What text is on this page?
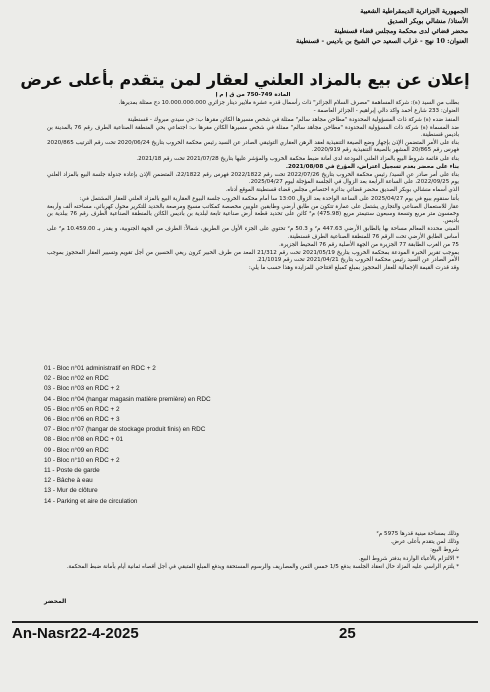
الجمهورية الجزائرية الديمقراطية الشعبية
الأستاذ/ منشالي بوبكر الصديق
محضر قضائي لدى محكمة ومجلس قضاء قسنطينة
العنوان: 10 نهج - غراب السعيد حي الشيخ بن باديس - قسنطينة
إعلان عن بيع بالمزاد العلني لعقار لمن يتقدم بأعلى عرض

المادة 749-750 من ق إ م إ

بطلب من السيد (ة): شركة المساهمة "مصرف السلام الجزائر" ذات رأسمال قدره عشرة ملايير دينار جزائري 10.000.000.000 دج ممثلة بمديرها.

العنوان: 233 شارع أحمد واكد دالي إبراهيم - الجزائر العاصمة -

المنفذ ضده (ة) شركة ذات المسؤولية المحدودة "مطاحن مجاهد سالم" ممثلة في شخص مسيرها الكائن مقرها ب: حي سيدي مبروك - قسنطينة

ضد المسماة (ة) شركة ذات المسؤولية المحدودة "مطاحن مجاهد سالم" ممثلة في شخص مسيرها الكائن مقرها ب: اجتماعي بحي المنطقة الصناعية الطرف رقم 76 بالمدينة بن باديس قسنطينة.

بناء على الأمر المتضمن الإذن بإجهاز وضع الصيغة التنفيذية لعقد الرهن العقاري التوثيقي الصادر عن السيد رئيس محكمة الخروب بتاريخ 2020/06/24 تحت رقم الترتيب 2020/865 فهرس رقم 20/865 المشهر بالصيغة التنفيذية رقم 2020/919.

بناء على قائمة شروط البيع بالمزاد العلني المودعة لدى أمانة ضبط محكمة الخروب والمؤشر عليها بتاريخ 2021/07/28 تحت رقم 2021/18.

بناء على محضر بعدم تسجيل اعتراض، المؤرخ في 2021/08/08.

بناء على أمر صادر عن السيد/ رئيس محكمة الخروب بتاريخ 2022/07/26 تحت رقم 2022/1822 فهرس رقم 22/1822، المتضمن الإذن بإعادة جدولة جلسة البيع بالمزاد العلني يوم 2022/09/25، على الساعة الرابعة بعد الزوال في الجلسة المؤجلة ليوم 2025/04/27.

الذي أسماه منشالي بوبكر الصديق محضر قضائي بدائرة اختصاص مجلس قضاء قسنطينة الموقع أدناه.

بأننا سنقوم ببيع في يوم 2025/04/27 على الساعة الواحدة بعد الزوال 13:00 سا أمام محكمة الخروب جلسة البيوع العقارية البيع بالمزاد العلني للعقار المشتمل في:

عقار للاستعمال الصناعي والتجاري يشتمل على عمارة تتكون من طابق أرضي وطابقين علويين مخصصة كمكاتب مسيج ومرصعة بالحديد للتكرير محول كهربائي، مساحته ألف وأربعة وخمسون متر مربع وتسعة وسبعون سنتيمتر مربع (475.98) م² كائن على تحديد قطعة أرض صناعية تابعة لبلدية بن باديس الكائن بالمنطقة الصناعية الطرف رقم 76 ببلدية بن باديس.

المبنى محددة المعالم مساحة بها بالطابق الأرضي 447.63 م² و 50.3 م² تحتوي على الجزء الأول من الطريق، شمالاً: الطرف من الجهة الجنوبية، و يقدر بـ 10.459.00 م² على أساس الطابق الأرضي تحت الرقم 76 للمنطقة الصناعية الطرف قسنطينة.

75 من الغرب الطابقة 77 الجزيرة من الجهة الأصلية رقم 76 المحيط الجزيرة.

بموجب تقرير الخبرة المودعة بمحكمة الخروب بتاريخ 2021/05/19 تحت رقم 21/312 المعد من طرف الخبير كرون ريغي الحسين من أجل تقويم وتسيير العقار المحجوز بموجب الأمر الصادر عن السيد رئيس محكمة الخروب بتاريخ 2021/04/21 تحت رقم 21/1019.

وقد قدرت القيمة الإجمالية للعقار المحجوز بمبلغ كمبلغ افتتاحي للمزايدة وهذا حسب ما يلي:

01 - Bloc n°01 administratif en RDC + 2
02 - Bloc n°02 en RDC
03 - Bloc n°03 en RDC + 2
04 - Bloc n°04 (hangar magasin matière première) en RDC
05 - Bloc n°05 en RDC + 2
06 - Bloc n°06 en RDC + 3
07 - Bloc n°07 (hangar de stockage produit finis) en RDC
08 - Bloc n°08 en RDC + 01
09 - Bloc n°09 en RDC
10 - Bloc n°10 en RDC + 2
11 - Poste de garde
12 - Bâche à eau
13 - Mur de clôture
14 - Parking et aire de circulation

وذلك بمساحة مبنية قدرها 5975 م²

وذلك لمن يتقدم بأعلى عرض.

شروط البيع:

* الالتزام بالأعباء الواردة بدفتر شروط البيع.

* يلتزم الراسي عليه المزاد حال انعقاد الجلسة بدفع 1/5 خمس الثمن والمصاريف والرسوم المستحقة ويدفع المبلغ المتبقي في أجل أقصاه ثمانية أيام بأمانة ضبط المحكمة.

المحضر
An-Nasr22-4-2025	25
